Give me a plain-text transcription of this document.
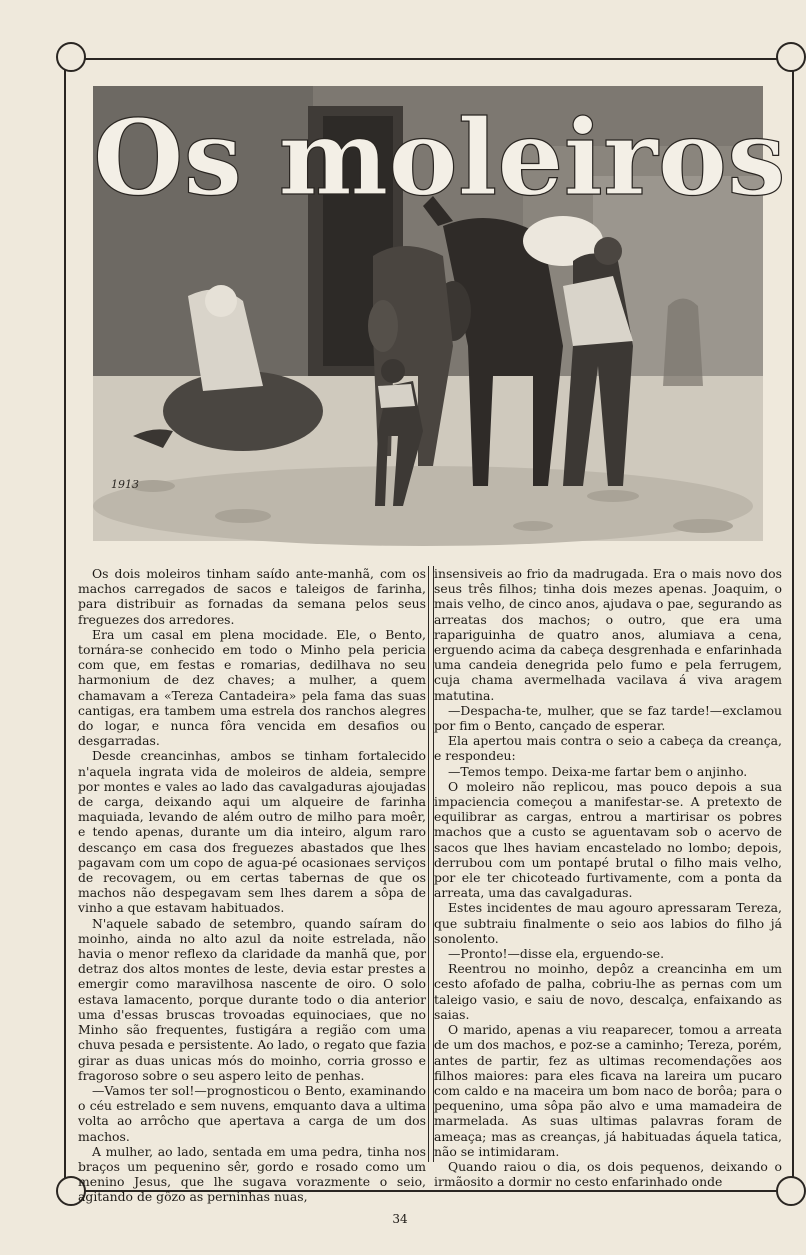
Os moleiros
1913

Os dois moleiros tinham saído ante-manhã, com os machos carregados de sacos e taleigos de farinha, para distribuir as fornadas da semana pelos seus freguezes dos arredores.

Era um casal em plena mocidade. Ele, o Bento, tornára-se conhecido em todo o Minho pela pericia com que, em festas e romarias, dedilhava no seu harmonium de dez chaves; a mulher, a quem chamavam a «Tereza Cantadeira» pela fama das suas cantigas, era tambem uma estrela dos ranchos alegres do logar, e nunca fôra vencida em desafios ou desgarradas.

Desde creancinhas, ambos se tinham fortalecido n'aquela ingrata vida de moleiros de aldeia, sempre por montes e vales ao lado das cavalgaduras ajoujadas de carga, deixando aqui um alqueire de farinha maquiada, levando de além outro de milho para moêr, e tendo apenas, durante um dia inteiro, algum raro descanço em casa dos freguezes abastados que lhes pagavam com um copo de agua-pé ocasionaes serviços de recovagem, ou em certas tabernas de que os machos não despegavam sem lhes darem a sôpa de vinho a que estavam habituados.

N'aquele sabado de setembro, quando saíram do moinho, ainda no alto azul da noite estrelada, não havia o menor reflexo da claridade da manhã que, por detraz dos altos montes de leste, devia estar prestes a emergir como maravilhosa nascente de oiro. O solo estava lamacento, porque durante todo o dia anterior uma d'essas bruscas trovoadas equinociaes, que no Minho são frequentes, fustigára a região com uma chuva pesada e persistente. Ao lado, o regato que fazia girar as duas unicas mós do moinho, corria grosso e fragoroso sobre o seu aspero leito de penhas.

—Vamos ter sol!—prognosticou o Bento, examinando o céu estrelado e sem nuvens, emquanto dava a ultima volta ao arrôcho que apertava a carga de um dos machos.

A mulher, ao lado, sentada em uma pedra, tinha nos braços um pequenino sêr, gordo e rosado como um menino Jesus, que lhe sugava vorazmente o seio, agitando de gôzo as perninhas nuas,

insensiveis ao frio da madrugada. Era o mais novo dos seus três filhos; tinha dois mezes apenas. Joaquim, o mais velho, de cinco anos, ajudava o pae, segurando as arreatas dos machos; o outro, que era uma rapariguinha de quatro anos, alumiava a cena, erguendo acima da cabeça desgrenhada e enfarinhada uma candeia denegrida pelo fumo e pela ferrugem, cuja chama avermelhada vacilava á viva aragem matutina.

—Despacha-te, mulher, que se faz tarde!—exclamou por fim o Bento, cançado de esperar.

Ela apertou mais contra o seio a cabeça da creança, e respondeu:

—Temos tempo. Deixa-me fartar bem o anjinho.

O moleiro não replicou, mas pouco depois a sua impaciencia começou a manifestar-se. A pretexto de equilibrar as cargas, entrou a martirisar os pobres machos que a custo se aguentavam sob o acervo de sacos que lhes haviam encastelado no lombo; depois, derrubou com um pontapé brutal o filho mais velho, por ele ter chicoteado furtivamente, com a ponta da arreata, uma das cavalgaduras.

Estes incidentes de mau agouro apressaram Tereza, que subtraiu finalmente o seio aos labios do filho já sonolento.

—Pronto!—disse ela, erguendo-se.

Reentrou no moinho, depôz a creancinha em um cesto afofado de palha, cobriu-lhe as pernas com um taleigo vasio, e saiu de novo, descalça, enfaixando as saias.

O marido, apenas a viu reaparecer, tomou a arreata de um dos machos, e poz-se a caminho; Tereza, porém, antes de partir, fez as ultimas recomendações aos filhos maiores: para eles ficava na lareira um pucaro com caldo e na maceira um bom naco de borôa; para o pequenino, uma sôpa pão alvo e uma mamadeira de marmelada. As suas ultimas palavras foram de ameaça; mas as creanças, já habituadas áquela tatica, não se intimidaram.

Quando raiou o dia, os dois pequenos, deixando o irmãosito a dormir no cesto enfarinhado onde

34
